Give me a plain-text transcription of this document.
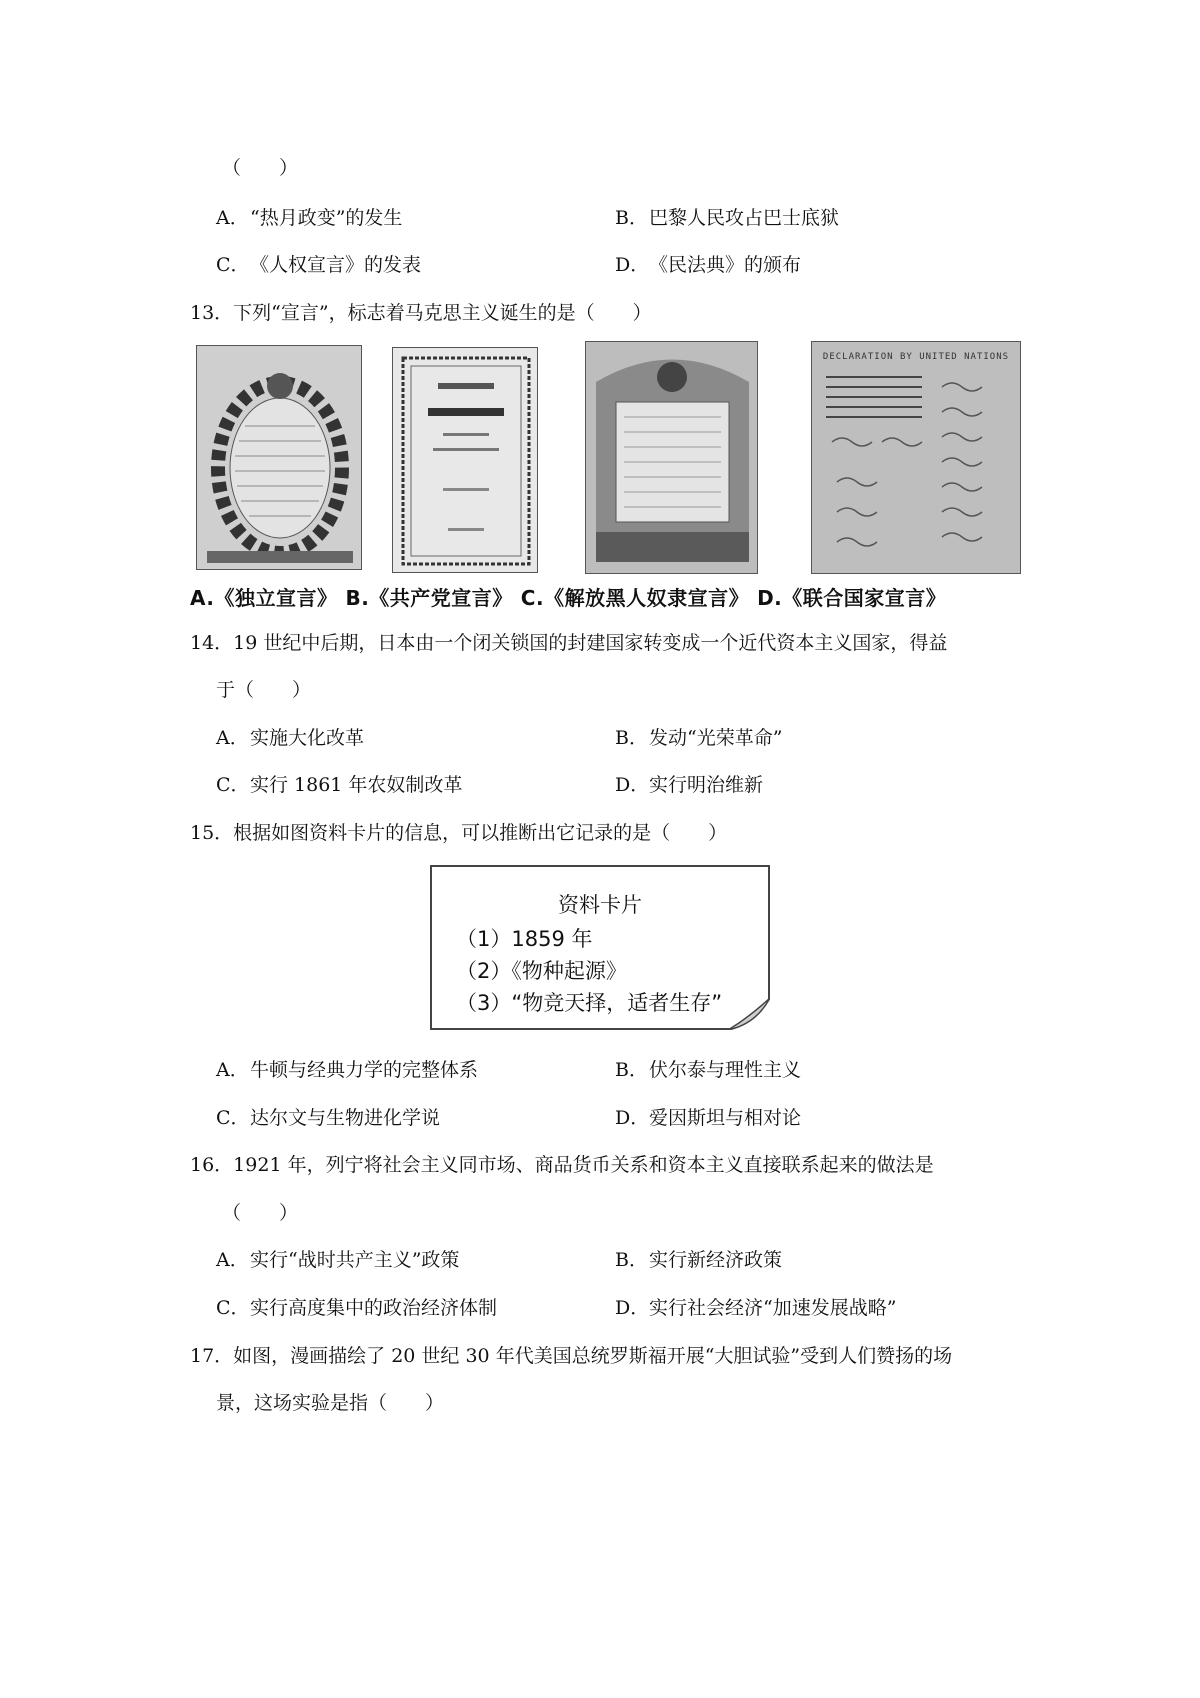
（　　）
A．“热月政变”的发生	B．巴黎人民攻占巴士底狱
C．《人权宣言》的发表	D．《民法典》的颁布
13．下列“宣言”，标志着马克思主义诞生的是（　　）
DECLARATION BY UNITED NATIONS
A.《独立宣言》 B.《共产党宣言》 C.《解放黑人奴隶宣言》 D.《联合国家宣言》
14．19 世纪中后期，日本由一个闭关锁国的封建国家转变成一个近代资本主义国家，得益
于（　　）
A．实施大化改革	B．发动“光荣革命”
C．实行 1861 年农奴制改革	D．实行明治维新
15．根据如图资料卡片的信息，可以推断出它记录的是（　　）
资料卡片
（1）1859 年
（2）《物种起源》
（3）“物竞天择，适者生存”
A．牛顿与经典力学的完整体系	B．伏尔泰与理性主义
C．达尔文与生物进化学说	D．爱因斯坦与相对论
16．1921 年，列宁将社会主义同市场、商品货币关系和资本主义直接联系起来的做法是
（　　）
A．实行“战时共产主义”政策	B．实行新经济政策
C．实行高度集中的政治经济体制	D．实行社会经济“加速发展战略”
17．如图，漫画描绘了 20 世纪 30 年代美国总统罗斯福开展“大胆试验”受到人们赞扬的场
景，这场实验是指（　　）
